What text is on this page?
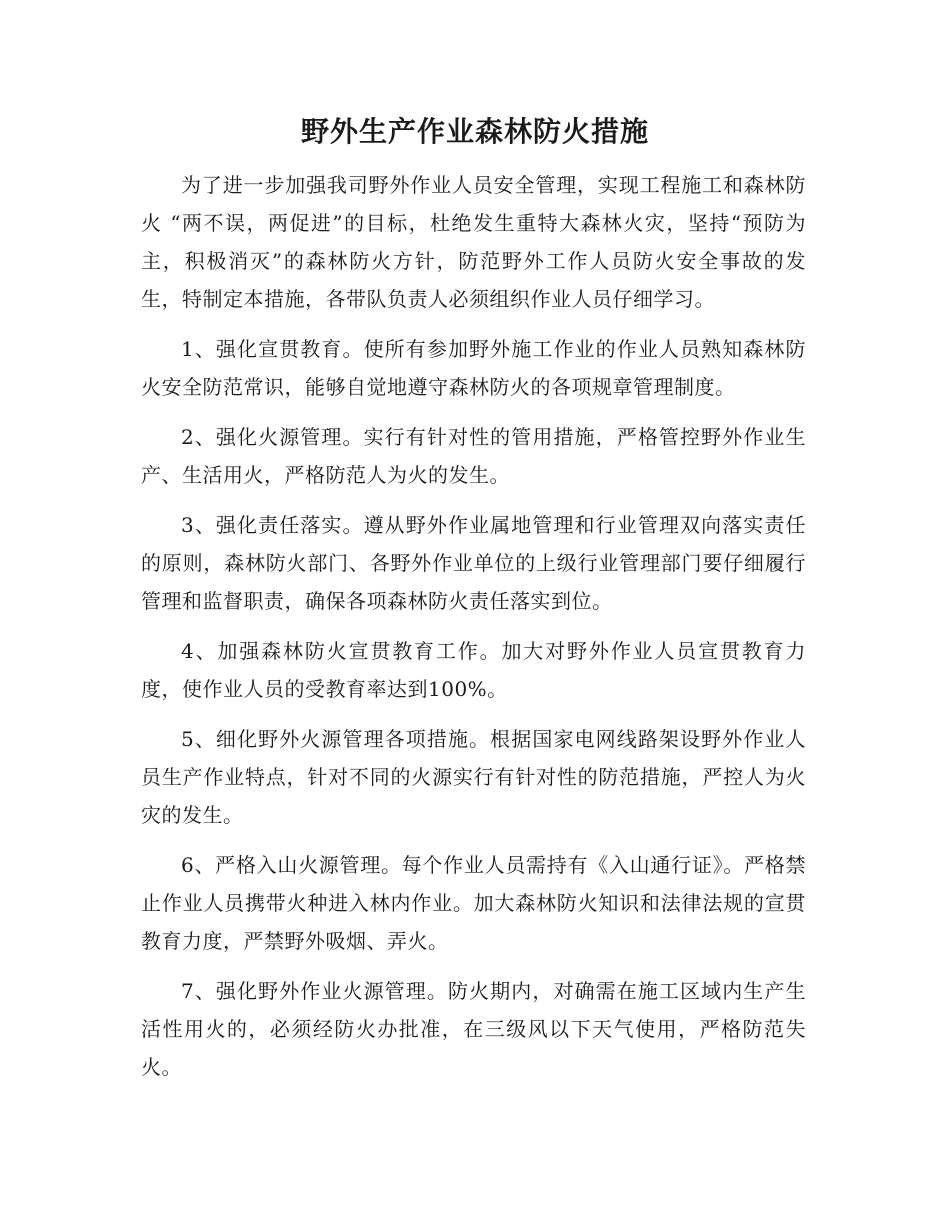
野外生产作业森林防火措施

为了进一步加强我司野外作业人员安全管理，实现工程施工和森林防火 “两不误，两促进”的目标，杜绝发生重特大森林火灾，坚持“预防为主，积极消灭”的森林防火方针，防范野外工作人员防火安全事故的发生，特制定本措施，各带队负责人必须组织作业人员仔细学习。

1、强化宣贯教育。使所有参加野外施工作业的作业人员熟知森林防火安全防范常识，能够自觉地遵守森林防火的各项规章管理制度。

2、强化火源管理。实行有针对性的管用措施，严格管控野外作业生产、生活用火，严格防范人为火的发生。

3、强化责任落实。遵从野外作业属地管理和行业管理双向落实责任的原则，森林防火部门、各野外作业单位的上级行业管理部门要仔细履行管理和监督职责，确保各项森林防火责任落实到位。

4、加强森林防火宣贯教育工作。加大对野外作业人员宣贯教育力度，使作业人员的受教育率达到100%。

5、细化野外火源管理各项措施。根据国家电网线路架设野外作业人员生产作业特点，针对不同的火源实行有针对性的防范措施，严控人为火灾的发生。

6、严格入山火源管理。每个作业人员需持有《入山通行证》。严格禁止作业人员携带火种进入林内作业。加大森林防火知识和法律法规的宣贯教育力度，严禁野外吸烟、弄火。

7、强化野外作业火源管理。防火期内，对确需在施工区域内生产生活性用火的，必须经防火办批准，在三级风以下天气使用，严格防范失火。
